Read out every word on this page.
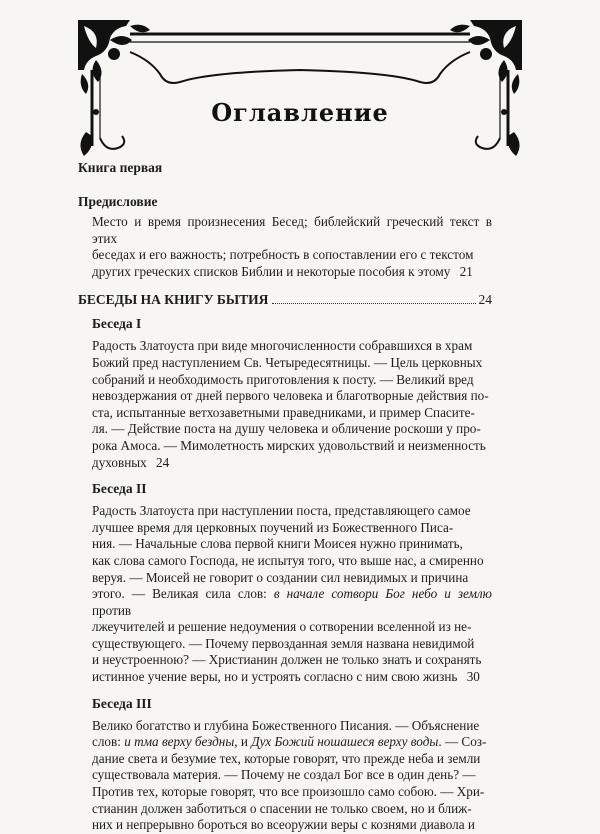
Оглавление
Книга первая
Предисловие
Место и время произнесения Бесед; библейский греческий текст в этих
беседах и его важность; потребность в сопоставлении его с текстом
других греческих списков Библии и некоторые пособия к этому 21
БЕСЕДЫ НА КНИГУ БЫТИЯ	24
Беседа I
Радость Златоуста при виде многочисленности собравшихся в храм
Божий пред наступлением Св. Четыредесятницы. — Цель церковных
собраний и необходимость приготовления к посту. — Великий вред
невоздержания от дней первого человека и благотворные действия по-
ста, испытанные ветхозаветными праведниками, и пример Спасите-
ля. — Действие поста на душу человека и обличение роскоши у про-
рока Амоса. — Мимолетность мирских удовольствий и неизменность
духовных 24
Беседа II
Радость Златоуста при наступлении поста, представляющего самое
лучшее время для церковных поучений из Божественного Писа-
ния. — Начальные слова первой книги Моисея нужно принимать,
как слова самого Господа, не испытуя того, что выше нас, а смиренно
веруя. — Моисей не говорит о создании сил невидимых и причина
этого. — Великая сила слов: в начале сотвори Бог небо и землю против
лжеучителей и решение недоумения о сотворении вселенной из не-
существующего. — Почему первозданная земля названа невидимой
и неустроенною? — Христианин должен не только знать и сохранять
истинное учение веры, но и устроять согласно с ним свою жизнь 30
Беседа III
Велико богатство и глубина Божественного Писания. — Объяснение
слов: и тма верху бездны, и Дух Божий ношашеся верху воды. — Соз-
дание света и безумие тех, которые говорят, что прежде неба и земли
существовала материя. — Почему не создал Бог все в один день? —
Против тех, которые говорят, что все произошло само собою. — Хри-
стианин должен заботиться о спасении не только своем, но и ближ-
них и непрерывно бороться во всеоружии веры с кознями диавола и
